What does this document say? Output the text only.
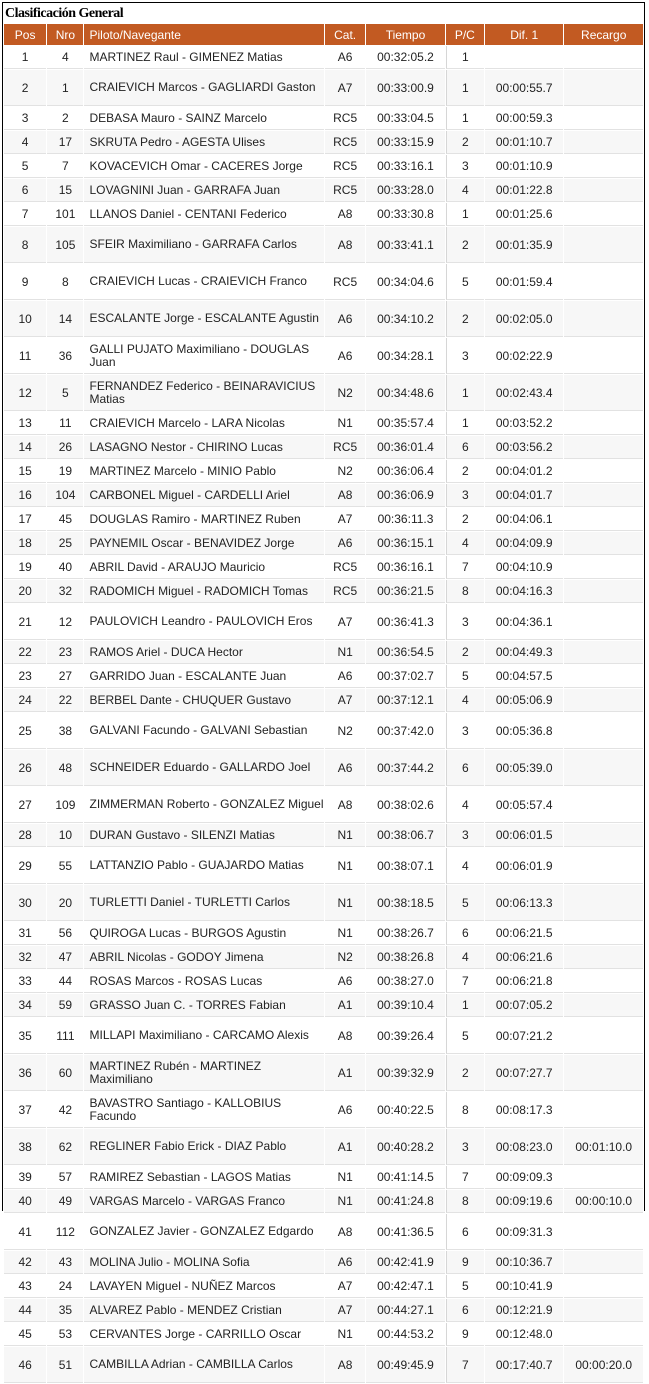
Clasificación General
Pos	Nro	Piloto/Navegante	Cat.	Tiempo	P/C	Dif. 1	Recargo
1	4	MARTINEZ Raul - GIMENEZ Matias	A6	00:32:05.2	1		
2	1	CRAIEVICH Marcos - GAGLIARDI Gaston	A7	00:33:00.9	1	00:00:55.7	
3	2	DEBASA Mauro - SAINZ Marcelo	RC5	00:33:04.5	1	00:00:59.3	
4	17	SKRUTA Pedro - AGESTA Ulises	RC5	00:33:15.9	2	00:01:10.7	
5	7	KOVACEVICH Omar - CACERES Jorge	RC5	00:33:16.1	3	00:01:10.9	
6	15	LOVAGNINI Juan - GARRAFA Juan	RC5	00:33:28.0	4	00:01:22.8	
7	101	LLANOS Daniel - CENTANI Federico	A8	00:33:30.8	1	00:01:25.6	
8	105	SFEIR Maximiliano - GARRAFA Carlos	A8	00:33:41.1	2	00:01:35.9	
9	8	CRAIEVICH Lucas - CRAIEVICH Franco	RC5	00:34:04.6	5	00:01:59.4	
10	14	ESCALANTE Jorge - ESCALANTE Agustin	A6	00:34:10.2	2	00:02:05.0	
11	36	GALLI PUJATO Maximiliano - DOUGLAS Juan	A6	00:34:28.1	3	00:02:22.9	
12	5	FERNANDEZ Federico - BEINARAVICIUS Matias	N2	00:34:48.6	1	00:02:43.4	
13	11	CRAIEVICH Marcelo - LARA Nicolas	N1	00:35:57.4	1	00:03:52.2	
14	26	LASAGNO Nestor - CHIRINO Lucas	RC5	00:36:01.4	6	00:03:56.2	
15	19	MARTINEZ Marcelo - MINIO Pablo	N2	00:36:06.4	2	00:04:01.2	
16	104	CARBONEL Miguel - CARDELLI Ariel	A8	00:36:06.9	3	00:04:01.7	
17	45	DOUGLAS Ramiro - MARTINEZ Ruben	A7	00:36:11.3	2	00:04:06.1	
18	25	PAYNEMIL Oscar - BENAVIDEZ Jorge	A6	00:36:15.1	4	00:04:09.9	
19	40	ABRIL David - ARAUJO Mauricio	RC5	00:36:16.1	7	00:04:10.9	
20	32	RADOMICH Miguel - RADOMICH Tomas	RC5	00:36:21.5	8	00:04:16.3	
21	12	PAULOVICH Leandro - PAULOVICH Eros	A7	00:36:41.3	3	00:04:36.1	
22	23	RAMOS Ariel - DUCA Hector	N1	00:36:54.5	2	00:04:49.3	
23	27	GARRIDO Juan - ESCALANTE Juan	A6	00:37:02.7	5	00:04:57.5	
24	22	BERBEL Dante - CHUQUER Gustavo	A7	00:37:12.1	4	00:05:06.9	
25	38	GALVANI Facundo - GALVANI Sebastian	N2	00:37:42.0	3	00:05:36.8	
26	48	SCHNEIDER Eduardo - GALLARDO Joel	A6	00:37:44.2	6	00:05:39.0	
27	109	ZIMMERMAN Roberto - GONZALEZ Miguel	A8	00:38:02.6	4	00:05:57.4	
28	10	DURAN Gustavo - SILENZI Matias	N1	00:38:06.7	3	00:06:01.5	
29	55	LATTANZIO Pablo - GUAJARDO Matias	N1	00:38:07.1	4	00:06:01.9	
30	20	TURLETTI Daniel - TURLETTI Carlos	N1	00:38:18.5	5	00:06:13.3	
31	56	QUIROGA Lucas - BURGOS Agustin	N1	00:38:26.7	6	00:06:21.5	
32	47	ABRIL Nicolas - GODOY Jimena	N2	00:38:26.8	4	00:06:21.6	
33	44	ROSAS Marcos - ROSAS Lucas	A6	00:38:27.0	7	00:06:21.8	
34	59	GRASSO Juan C. - TORRES Fabian	A1	00:39:10.4	1	00:07:05.2	
35	111	MILLAPI Maximiliano - CARCAMO Alexis	A8	00:39:26.4	5	00:07:21.2	
36	60	MARTINEZ Rubén - MARTINEZ Maximiliano	A1	00:39:32.9	2	00:07:27.7	
37	42	BAVASTRO Santiago - KALLOBIUS Facundo	A6	00:40:22.5	8	00:08:17.3	
38	62	REGLINER Fabio Erick - DIAZ Pablo	A1	00:40:28.2	3	00:08:23.0	00:01:10.0
39	57	RAMIREZ Sebastian - LAGOS Matias	N1	00:41:14.5	7	00:09:09.3	
40	49	VARGAS Marcelo - VARGAS Franco	N1	00:41:24.8	8	00:09:19.6	00:00:10.0
41	112	GONZALEZ Javier - GONZALEZ Edgardo	A8	00:41:36.5	6	00:09:31.3	
42	43	MOLINA Julio - MOLINA Sofia	A6	00:42:41.9	9	00:10:36.7	
43	24	LAVAYEN Miguel - NUÑEZ Marcos	A7	00:42:47.1	5	00:10:41.9	
44	35	ALVAREZ Pablo - MENDEZ Cristian	A7	00:44:27.1	6	00:12:21.9	
45	53	CERVANTES Jorge - CARRILLO Oscar	N1	00:44:53.2	9	00:12:48.0	
46	51	CAMBILLA Adrian - CAMBILLA Carlos	A8	00:49:45.9	7	00:17:40.7	00:00:20.0
